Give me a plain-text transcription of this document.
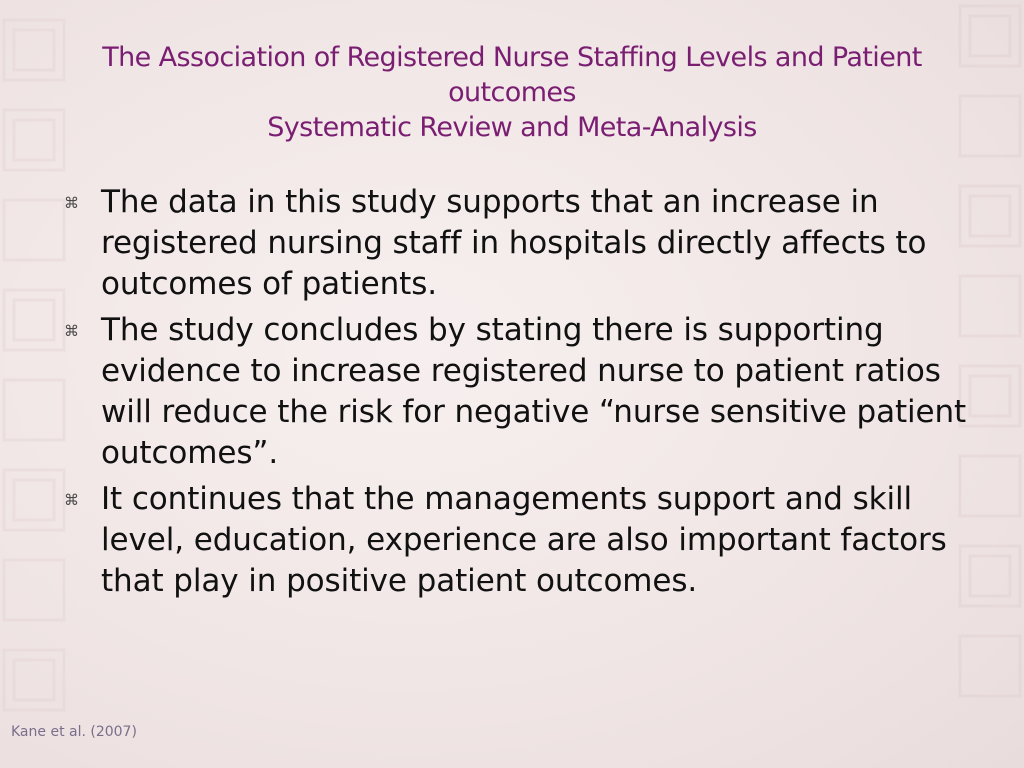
The Association of Registered Nurse Staffing Levels and Patient
outcomes
Systematic Review and Meta-Analysis
⌘ The data in this study supports that an increase in registered nursing staff in hospitals directly affects to outcomes of patients.
⌘ The study concludes by stating there is supporting evidence to increase registered nurse to patient ratios will reduce the risk for negative “nurse sensitive patient outcomes”.
⌘ It continues that the managements support and skill level, education, experience are also important factors that play in positive patient outcomes.
Kane et al. (2007)
